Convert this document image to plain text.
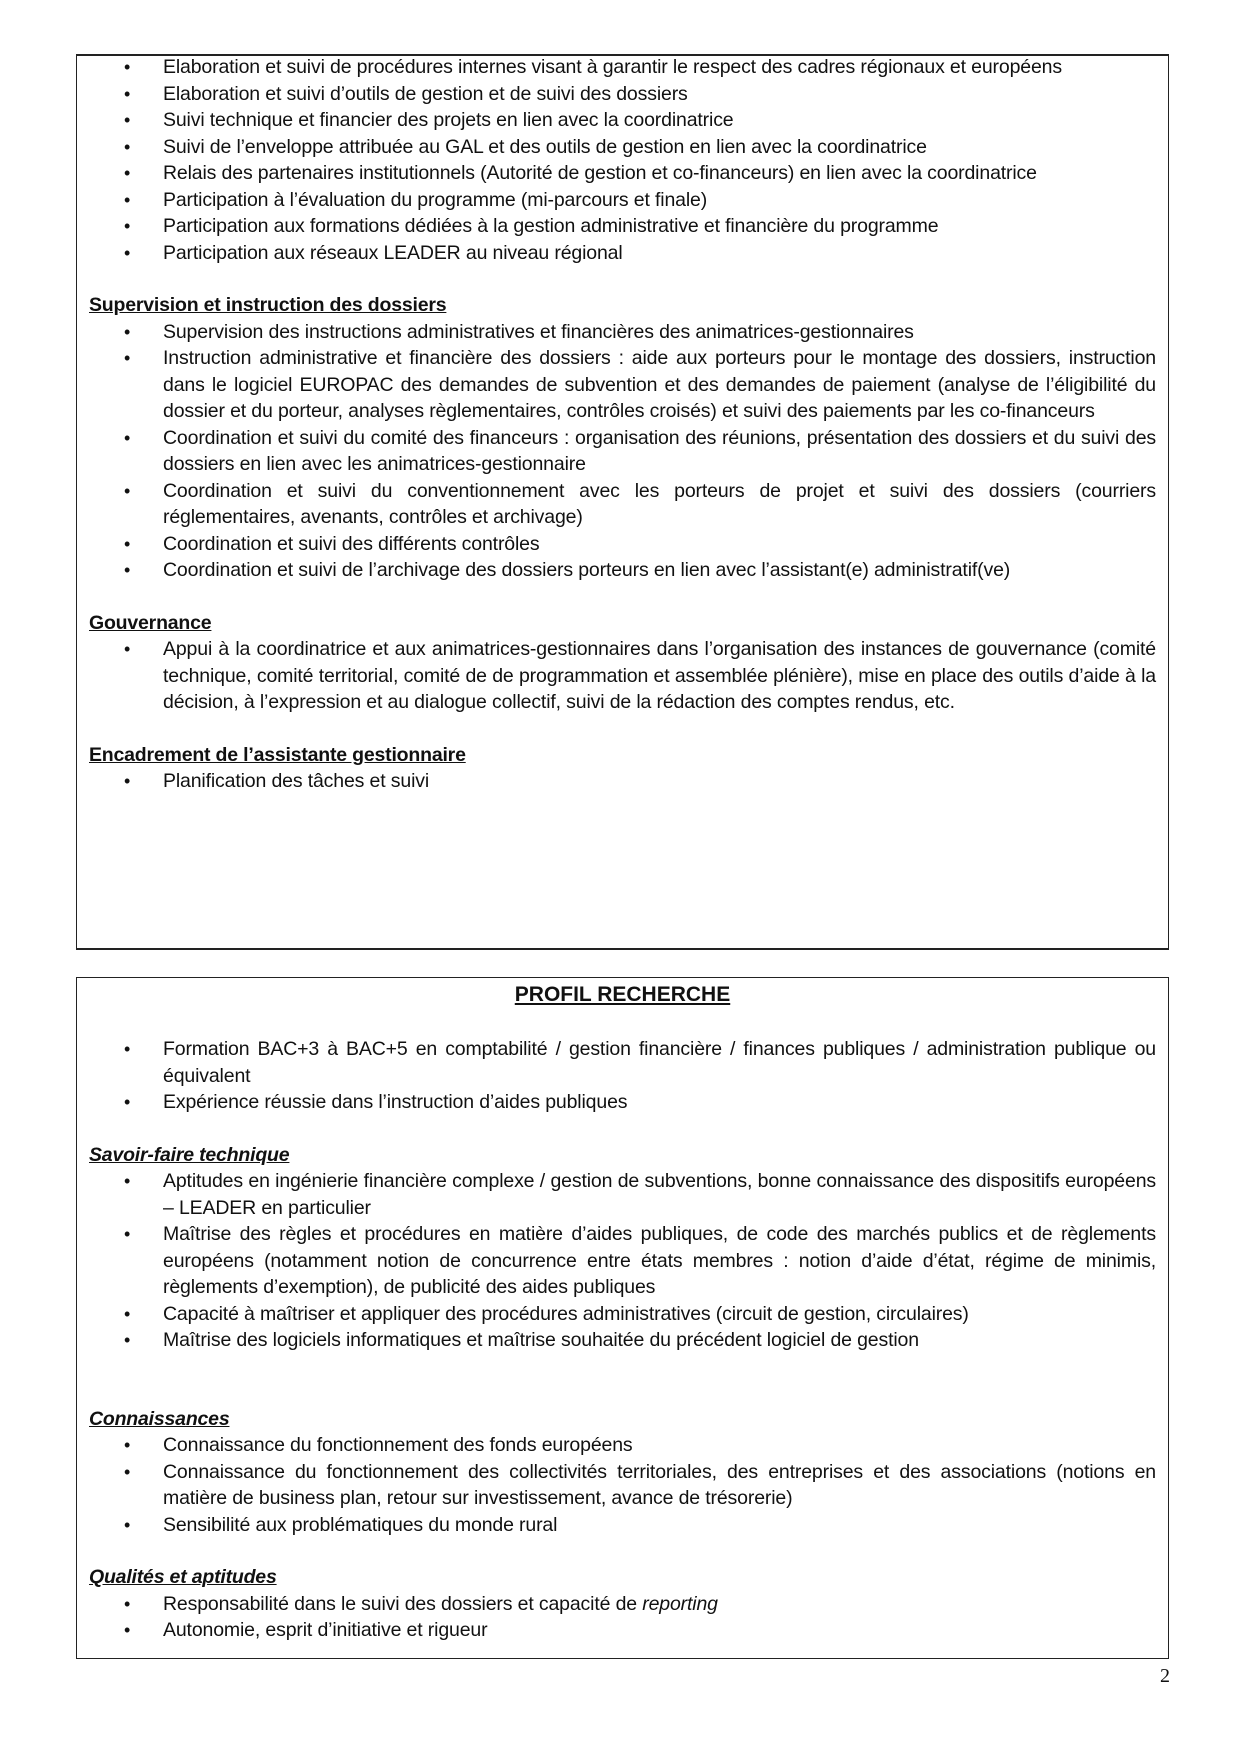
• Elaboration et suivi de procédures internes visant à garantir le respect des cadres régionaux et européens
• Elaboration et suivi d’outils de gestion et de suivi des dossiers
• Suivi technique et financier des projets en lien avec la coordinatrice
• Suivi de l’enveloppe attribuée au GAL et des outils de gestion en lien avec la coordinatrice
• Relais des partenaires institutionnels (Autorité de gestion et co-financeurs) en lien avec la coordinatrice
• Participation à l’évaluation du programme (mi-parcours et finale)
• Participation aux formations dédiées à la gestion administrative et financière du programme
• Participation aux réseaux LEADER au niveau régional
Supervision et instruction des dossiers
• Supervision des instructions administratives et financières des animatrices-gestionnaires
• Instruction administrative et financière des dossiers : aide aux porteurs pour le montage des dossiers, instruction dans le logiciel EUROPAC des demandes de subvention et des demandes de paiement (analyse de l’éligibilité du dossier et du porteur, analyses règlementaires, contrôles croisés) et suivi des paiements par les co-financeurs
• Coordination et suivi du comité des financeurs : organisation des réunions, présentation des dossiers et du suivi des dossiers en lien avec les animatrices-gestionnaire
• Coordination et suivi du conventionnement avec les porteurs de projet et suivi des dossiers (courriers réglementaires, avenants, contrôles et archivage)
• Coordination et suivi des différents contrôles
• Coordination et suivi de l’archivage des dossiers porteurs en lien avec l’assistant(e) administratif(ve)
Gouvernance
• Appui à la coordinatrice et aux animatrices-gestionnaires dans l’organisation des instances de gouvernance (comité technique, comité territorial, comité de de programmation et assemblée plénière), mise en place des outils d’aide à la décision, à l’expression et au dialogue collectif, suivi de la rédaction des comptes rendus, etc.
Encadrement de l’assistante gestionnaire
• Planification des tâches et suivi
PROFIL RECHERCHE
• Formation BAC+3 à BAC+5 en comptabilité / gestion financière / finances publiques / administration publique ou équivalent
• Expérience réussie dans l’instruction d’aides publiques
Savoir-faire technique
• Aptitudes en ingénierie financière complexe / gestion de subventions, bonne connaissance des dispositifs européens – LEADER en particulier
• Maîtrise des règles et procédures en matière d’aides publiques, de code des marchés publics et de règlements européens (notamment notion de concurrence entre états membres : notion d’aide d’état, régime de minimis, règlements d’exemption), de publicité des aides publiques
• Capacité à maîtriser et appliquer des procédures administratives (circuit de gestion, circulaires)
• Maîtrise des logiciels informatiques et maîtrise souhaitée du précédent logiciel de gestion
Connaissances
• Connaissance du fonctionnement des fonds européens
• Connaissance du fonctionnement des collectivités territoriales, des entreprises et des associations (notions en matière de business plan, retour sur investissement, avance de trésorerie)
• Sensibilité aux problématiques du monde rural
Qualités et aptitudes
• Responsabilité dans le suivi des dossiers et capacité de reporting
• Autonomie, esprit d’initiative et rigueur
2
